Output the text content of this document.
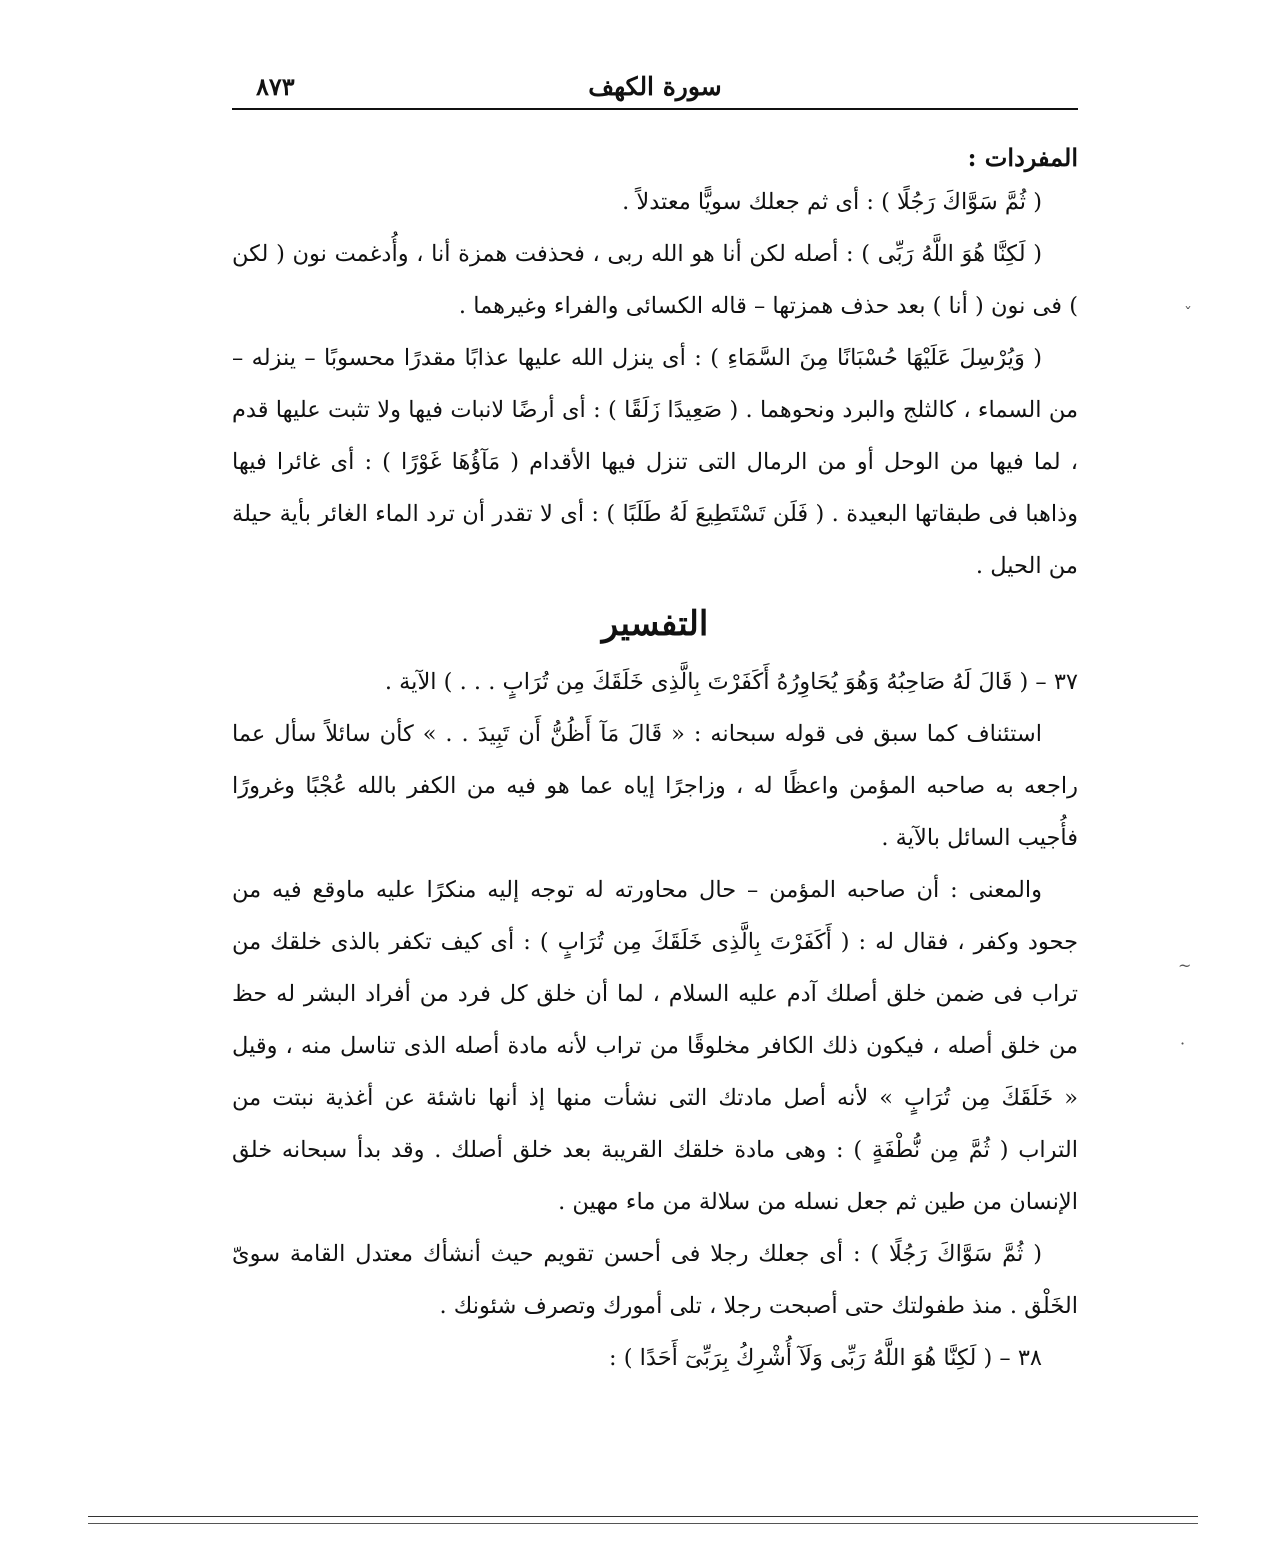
سورة الكهف
٨٧٣
المفردات :

( ثُمَّ سَوَّاكَ رَجُلًا ) : أى ثم جعلك سويًّا معتدلاً .

( لَكِنَّا هُوَ اللَّهُ رَبِّى ) : أصله لكن أنا هو الله ربى ، فحذفت همزة أنا ، وأُدغمت نون ( لكن ) فى نون ( أنا ) بعد حذف همزتها – قاله الكسائى والفراء وغيرهما .

( وَيُرْسِلَ عَلَيْهَا حُسْبَانًا مِنَ السَّمَاءِ ) : أى ينزل الله عليها عذابًا مقدرًا محسوبًا – ينزله – من السماء ، كالثلج والبرد ونحوهما . ( صَعِيدًا زَلَقًا ) : أى أرضًا لانبات فيها ولا تثبت عليها قدم ، لما فيها من الوحل أو من الرمال التى تنزل فيها الأقدام ( مَآؤُهَا غَوْرًا ) : أى غائرا فيها وذاهبا فى طبقاتها البعيدة . ( فَلَن تَسْتَطِيعَ لَهُ طَلَبًا ) : أى لا تقدر أن ترد الماء الغائر بأية حيلة من الحيل .

التفسير

٣٧ – ( قَالَ لَهُ صَاحِبُهُ وَهُوَ يُحَاوِرُهُ أَكَفَرْتَ بِالَّذِى خَلَقَكَ مِن تُرَابٍ . . . ) الآية .

استئناف كما سبق فى قوله سبحانه : « قَالَ مَآ أَظُنُّ أَن تَبِيدَ . . » كأن سائلاً سأل عما راجعه به صاحبه المؤمن واعظًا له ، وزاجرًا إياه عما هو فيه من الكفر بالله عُجْبًا وغرورًا فأُجيب السائل بالآية .

والمعنى : أن صاحبه المؤمن – حال محاورته له توجه إليه منكرًا عليه ماوقع فيه من جحود وكفر ، فقال له : ( أَكَفَرْتَ بِالَّذِى خَلَقَكَ مِن تُرَابٍ ) : أى كيف تكفر بالذى خلقك من تراب فى ضمن خلق أصلك آدم عليه السلام ، لما أن خلق كل فرد من أفراد البشر له حظ من خلق أصله ، فيكون ذلك الكافر مخلوقًا من تراب لأنه مادة أصله الذى تناسل منه ، وقيل « خَلَقَكَ مِن تُرَابٍ » لأنه أصل مادتك التى نشأت منها إذ أنها ناشئة عن أغذية نبتت من التراب ( ثُمَّ مِن نُّطْفَةٍ ) : وهى مادة خلقك القريبة بعد خلق أصلك . وقد بدأ سبحانه خلق الإنسان من طين ثم جعل نسله من سلالة من ماء مهين .

( ثُمَّ سَوَّاكَ رَجُلًا ) : أى جعلك رجلا فى أحسن تقويم حيث أنشأك معتدل القامة سوىّ الخَلْق . منذ طفولتك حتى أصبحت رجلا ، تلى أمورك وتصرف شئونك .

٣٨ – ( لَكِنَّا هُوَ اللَّهُ رَبِّى وَلَآ أُشْرِكُ بِرَبِّىٓ أَحَدًا ) :

ˇ
~
·
